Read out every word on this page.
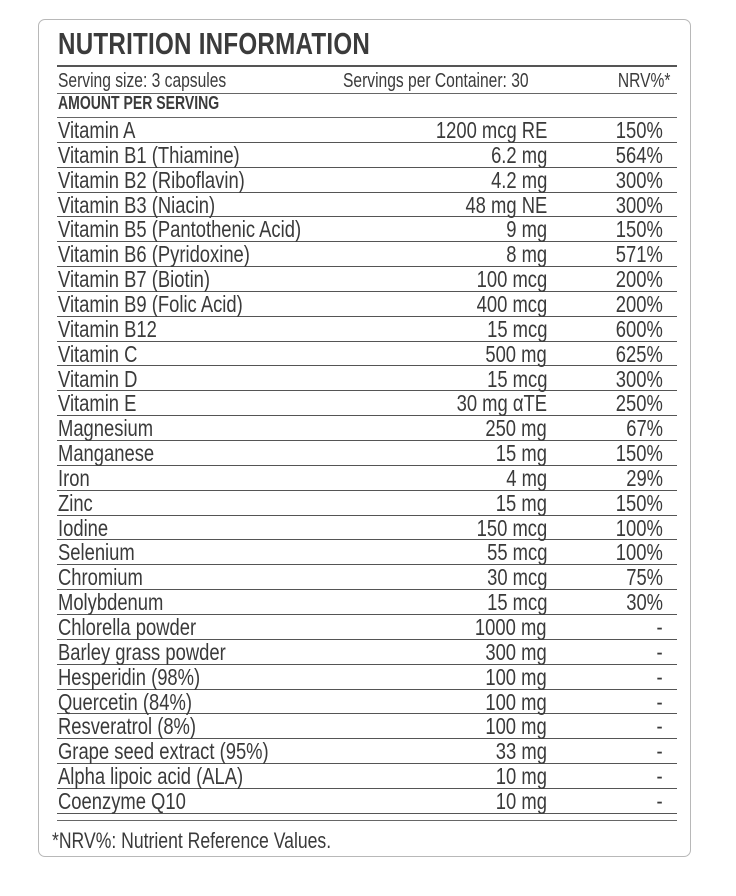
NUTRITION INFORMATION
Serving size: 3 capsules	Servings per Container: 30	NRV%*
AMOUNT PER SERVING
Vitamin A	1200 mcg RE	150%
Vitamin B1 (Thiamine)	6.2 mg	564%
Vitamin B2 (Riboflavin)	4.2 mg	300%
Vitamin B3 (Niacin)	48 mg NE	300%
Vitamin B5 (Pantothenic Acid)	9 mg	150%
Vitamin B6 (Pyridoxine)	8 mg	571%
Vitamin B7 (Biotin)	100 mcg	200%
Vitamin B9 (Folic Acid)	400 mcg	200%
Vitamin B12	15 mcg	600%
Vitamin C	500 mg	625%
Vitamin D	15 mcg	300%
Vitamin E	30 mg αTE	250%
Magnesium	250 mg	67%
Manganese	15 mg	150%
Iron	4 mg	29%
Zinc	15 mg	150%
Iodine	150 mcg	100%
Selenium	55 mcg	100%
Chromium	30 mcg	75%
Molybdenum	15 mcg	30%
Chlorella powder	1000 mg	-
Barley grass powder	300 mg	-
Hesperidin (98%)	100 mg	-
Quercetin (84%)	100 mg	-
Resveratrol (8%)	100 mg	-
Grape seed extract (95%)	33 mg	-
Alpha lipoic acid (ALA)	10 mg	-
Coenzyme Q10	10 mg	-
*NRV%: Nutrient Reference Values.
